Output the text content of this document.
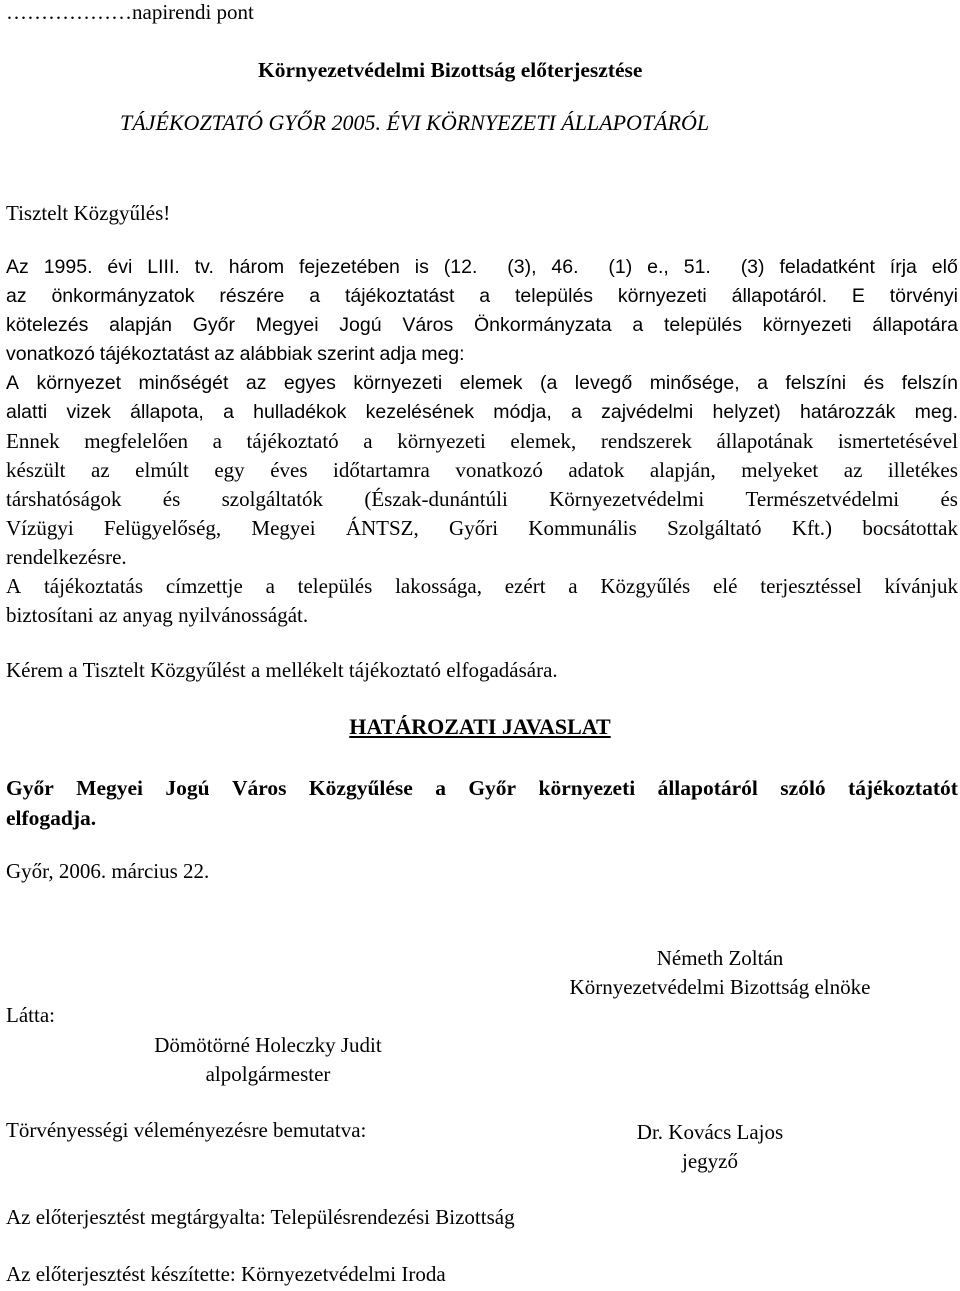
………………napirendi pont
Környezetvédelmi Bizottság előterjesztése
TÁJÉKOZTATÓ GYŐR 2005. ÉVI KÖRNYEZETI ÁLLAPOTÁRÓL
Tisztelt Közgyűlés!
Az 1995. évi LIII. tv. három fejezetében is (12. (3), 46. (1) e., 51. (3) feladatként írja elő
az önkormányzatok részére a tájékoztatást a település környezeti állapotáról. E törvényi
kötelezés alapján Győr Megyei Jogú Város Önkormányzata a település környezeti állapotára
vonatkozó tájékoztatást az alábbiak szerint adja meg:
A környezet minőségét az egyes környezeti elemek (a levegő minősége, a felszíni és felszín
alatti vizek állapota, a hulladékok kezelésének módja, a zajvédelmi helyzet) határozzák meg.
Ennek megfelelően a tájékoztató a környezeti elemek, rendszerek állapotának ismertetésével
készült az elmúlt egy éves időtartamra vonatkozó adatok alapján, melyeket az illetékes
társhatóságok és szolgáltatók (Észak-dunántúli Környezetvédelmi Természetvédelmi és
Vízügyi Felügyelőség, Megyei ÁNTSZ, Győri Kommunális Szolgáltató Kft.) bocsátottak
rendelkezésre.
A tájékoztatás címzettje a település lakossága, ezért a Közgyűlés elé terjesztéssel kívánjuk
biztosítani az anyag nyilvánosságát.
Kérem a Tisztelt Közgyűlést a mellékelt tájékoztató elfogadására.
HATÁROZATI JAVASLAT
Győr Megyei Jogú Város Közgyűlése a Győr környezeti állapotáról szóló tájékoztatót
elfogadja.
Győr, 2006. március 22.
Németh Zoltán
Környezetvédelmi Bizottság elnöke
Látta:
Dömötörné Holeczky Judit
alpolgármester
Törvényességi véleményezésre bemutatva:	Dr. Kovács Lajos
jegyző
Az előterjesztést megtárgyalta: Településrendezési Bizottság
Az előterjesztést készítette: Környezetvédelmi Iroda
